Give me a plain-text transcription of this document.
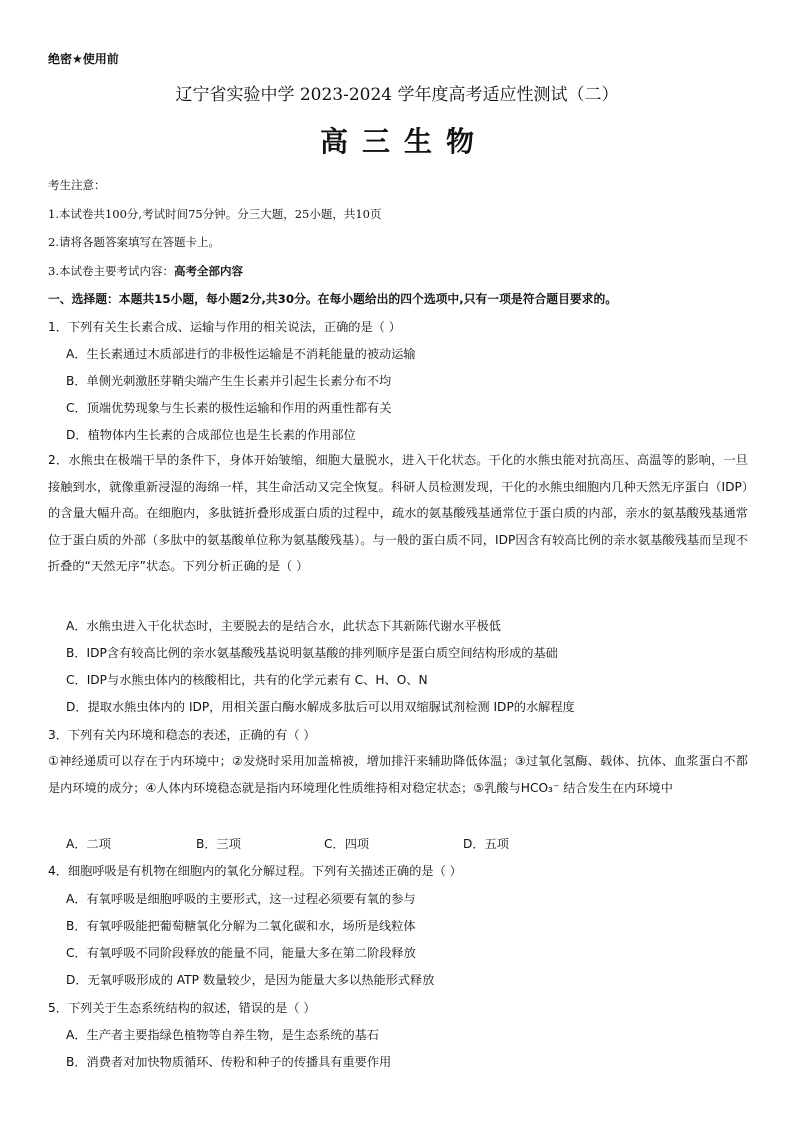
绝密★使用前
辽宁省实验中学 2023-2024 学年度高考适应性测试（二）
高三生物
考生注意：
1.本试卷共100分,考试时间75分钟。分三大题，25小题，共10页
2.请将各题答案填写在答题卡上。
3.本试卷主要考试内容：高考全部内容
一、选择题：本题共15小题，每小题2分,共30分。在每小题给出的四个选项中,只有一项是符合题目要求的。
1．下列有关生长素合成、运输与作用的相关说法，正确的是（ ）
A．生长素通过木质部进行的非极性运输是不消耗能量的被动运输
B．单侧光刺激胚芽鞘尖端产生生长素并引起生长素分布不均
C．顶端优势现象与生长素的极性运输和作用的两重性都有关
D．植物体内生长素的合成部位也是生长素的作用部位
2．水熊虫在极端干旱的条件下，身体开始皱缩，细胞大量脱水，进入干化状态。干化的水熊虫能对抗高压、高温等的影响，一旦接触到水，就像重新浸湿的海绵一样，其生命活动又完全恢复。科研人员检测发现，干化的水熊虫细胞内几种天然无序蛋白（IDP）的含量大幅升高。在细胞内，多肽链折叠形成蛋白质的过程中，疏水的氨基酸残基通常位于蛋白质的内部，亲水的氨基酸残基通常位于蛋白质的外部（多肽中的氨基酸单位称为氨基酸残基）。与一般的蛋白质不同，IDP因含有较高比例的亲水氨基酸残基而呈现不折叠的“天然无序”状态。下列分析正确的是（ ）
A．水熊虫进入干化状态时，主要脱去的是结合水，此状态下其新陈代谢水平极低
B．IDP含有较高比例的亲水氨基酸残基说明氨基酸的排列顺序是蛋白质空间结构形成的基础
C．IDP与水熊虫体内的核酸相比，共有的化学元素有 C、H、O、N
D．提取水熊虫体内的 IDP，用相关蛋白酶水解成多肽后可以用双缩脲试剂检测 IDP的水解程度
3．下列有关内环境和稳态的表述，正确的有（ ）
①神经递质可以存在于内环境中；②发烧时采用加盖棉被，增加排汗来辅助降低体温；③过氧化氢酶、载体、抗体、血浆蛋白不都是内环境的成分；④人体内环境稳态就是指内环境理化性质维持相对稳定状态；⑤乳酸与HCO₃⁻ 结合发生在内环境中
A．二项	B．三项	C．四项	D．五项
4．细胞呼吸是有机物在细胞内的氧化分解过程。下列有关描述正确的是（ ）
A．有氧呼吸是细胞呼吸的主要形式，这一过程必须要有氧的参与
B．有氧呼吸能把葡萄糖氧化分解为二氧化碳和水，场所是线粒体
C．有氧呼吸不同阶段释放的能量不同，能量大多在第二阶段释放
D．无氧呼吸形成的 ATP 数量较少，是因为能量大多以热能形式释放
5．下列关于生态系统结构的叙述，错误的是（ ）
A．生产者主要指绿色植物等自养生物，是生态系统的基石
B．消费者对加快物质循环、传粉和种子的传播具有重要作用
